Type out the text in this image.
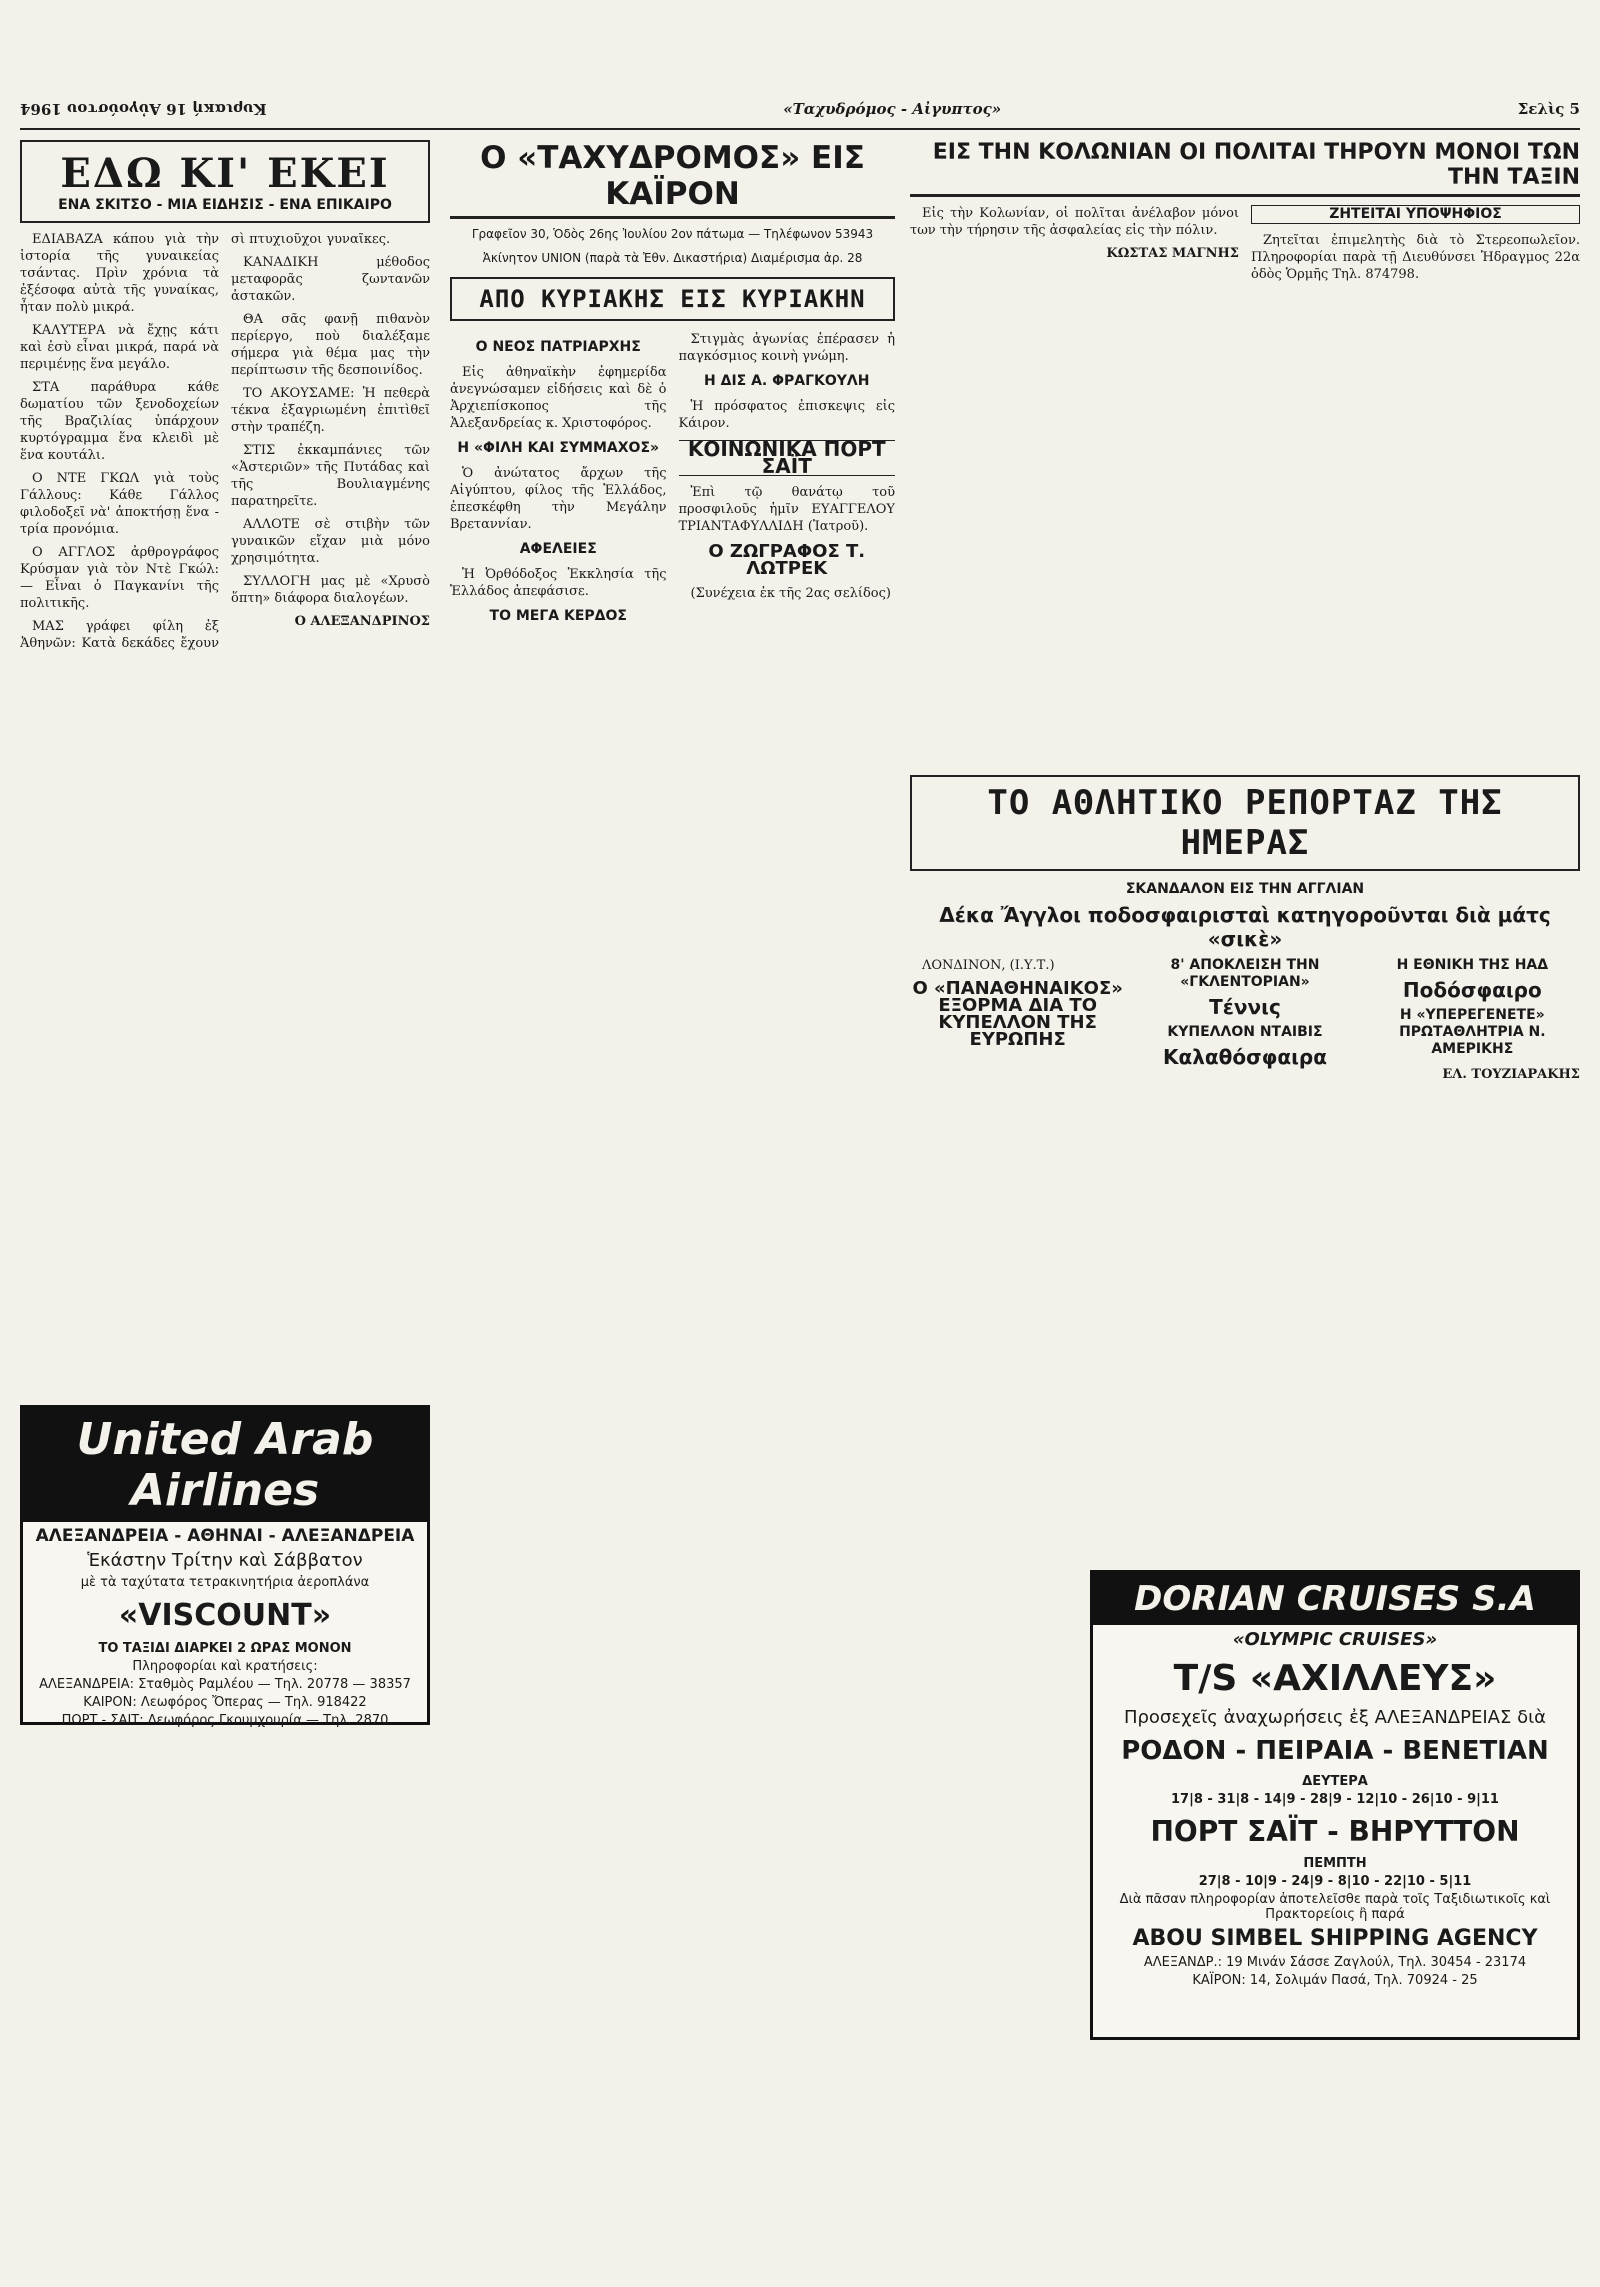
Κυριακή 16 Αὐγούστου 1964	«Ταχυδρόμος - Αἰγυπτος»	Σελὶς 5
ΕΔΩ ΚΙ' ΕΚΕΙ
ΕΝΑ ΣΚΙΤΣΟ - ΜΙΑ ΕΙΔΗΣΙΣ - ΕΝΑ ΕΠΙΚΑΙΡΟ

ΕΔΙΑΒΑΖΑ κάπου γιὰ τὴν ἱστορία τῆς γυναικείας τσάντας. Πρὶν χρόνια τὰ ἐξέσοφα αὐτὰ τῆς γυναίκας, ἦταν πολὺ μικρά.

ΚΑΛΥΤΕΡΑ νὰ ἔχῃς κάτι καὶ ἐσὺ εἶναι μικρά, παρά νὰ περιμένῃς ἕνα μεγάλο.

ΣΤΑ παράθυρα κάθε δωματίου τῶν ξενοδοχείων τῆς Βραζιλίας ὑπάρχουν κυρτόγραμμα ἕνα κλειδὶ μὲ ἕνα κουτάλι.

Ο ΝΤΕ ΓΚΩΛ γιὰ τοὺς Γάλλους: Κάθε Γάλλος φιλοδοξεῖ νὰ' ἀποκτήσῃ ἕνα - τρία προνόμια.

Ο ΑΓΓΛΟΣ ἀρθρογράφος Κρύσμαν γιὰ τὸν Ντὲ Γκώλ: — Εἶναι ὁ Παγκανίνι τῆς πολιτικῆς.

ΜΑΣ γράφει φίλη ἐξ Ἀθηνῶν: Κατὰ δεκάδες ἔχουν σὶ πτυχιοῦχοι γυναῖκες.

ΚΑΝΑΔΙΚΗ μέθοδος μεταφορᾶς ζωντανῶν ἀστακῶν.

ΘΑ σᾶς φανῇ πιθανὸν περίεργο, ποὺ διαλέξαμε σήμερα γιὰ θέμα μας τὴν περίπτωσιν τῆς δεσποινίδος.

ΤΟ ΑΚΟΥΣΑΜΕ: Ἡ πεθερὰ τέκνα ἐξαγριωμένη ἐπιτὶθεῖ στὴν τραπέζη.

ΣΤΙΣ ἐκκαμπάνιες τῶν «Ἀστεριῶν» τῆς Πυτάδας καὶ τῆς Βουλιαγμένης παρατηρεῖτε.

ΑΛΛΟΤΕ σὲ στιβὴν τῶν γυναικῶν εἴχαν μιὰ μόνο χρησιμότητα.

ΣΥΛΛΟΓΗ μας μὲ «Χρυσὸ ὅπτη» διάφορα διαλογέων.

Ο ΑΛΕΞΑΝΔΡΙΝΟΣ

United Arab Airlines
ΑΛΕΞΑΝΔΡΕΙΑ - ΑΘΗΝΑΙ - ΑΛΕΞΑΝΔΡΕΙΑ
Ἑκάστην Τρίτην καὶ Σάββατον
μὲ τὰ ταχύτατα τετρακινητήρια ἀεροπλάνα
«VISCOUNT»
ΤΟ ΤΑΞΙΔΙ ΔΙΑΡΚΕΙ 2 ΩΡΑΣ ΜΟΝΟΝ
Πληροφορίαι καὶ κρατήσεις:
ΑΛΕΞΑΝΔΡΕΙΑ: Σταθμὸς Ραμλέου — Τηλ. 20778 — 38357
ΚΑΙΡΟΝ: Λεωφόρος Ὄπερας — Τηλ. 918422
ΠΟΡΤ - ΣΑΙΤ: Λεωφόρος Γκουμχουρία — Τηλ. 2870
Ο «ΤΑΧΥΔΡΟΜΟΣ» ΕΙΣ ΚΑΪΡΟΝ
Γραφεῖον 30, Ὁδὸς 26ης Ἰουλίου 2ον πάτωμα — Τηλέφωνον 53943
Ἀκίνητον UNION (παρὰ τὰ Ἐθν. Δικαστήρια) Διαμέρισμα ἀρ. 28
ΑΠΟ ΚΥΡΙΑΚΗΣ ΕΙΣ ΚΥΡΙΑΚΗΝ
Ο ΝΕΟΣ ΠΑΤΡΙΑΡΧΗΣ

Εἰς ἀθηναϊκὴν ἐφημερίδα ἀνεγνώσαμεν εἰδήσεις καὶ δὲ ὁ Ἀρχιεπίσκοπος τῆς Ἀλεξανδρείας κ. Χριστοφόρος.

Η «ΦΙΛΗ ΚΑΙ ΣΥΜΜΑΧΟΣ»

Ὁ ἀνώτατος ἄρχων τῆς Αἰγύπτου, φίλος τῆς Ἑλλάδος, ἐπεσκέφθη τὴν Μεγάλην Βρεταννίαν.

ΑΦΕΛΕΙΕΣ

Ἡ Ὀρθόδοξος Ἐκκλησία τῆς Ἑλλάδος ἀπεφάσισε.

ΤΟ ΜΕΓΑ ΚΕΡΔΟΣ

Στιγμὰς ἀγωνίας ἐπέρασεν ἡ παγκόσμιος κοινὴ γνώμη.

Η ΔΙΣ Α. ΦΡΑΓΚΟΥΛΗ

Ἡ πρόσφατος ἐπισκεψις εἰς Κάιρον.

ΚΟΙΝΩΝΙΚΑ ΠΟΡΤ ΣΑΪΤ

Ἐπὶ τῷ θανάτῳ τοῦ προσφιλοῦς ἡμῖν ΕΥΑΓΓΕΛΟΥ ΤΡΙΑΝΤΑΦΥΛΛΙΔΗ (Ἰατροῦ).

Ο ΖΩΓΡΑΦΟΣ Τ. ΛΩΤΡΕΚ

(Συνέχεια ἐκ τῆς 2ας σελίδος)

ΕΙΣ ΤΗΝ ΚΟΛΩΝΙΑΝ ΟΙ ΠΟΛΙΤΑΙ ΤΗΡΟΥΝ ΜΟΝΟΙ ΤΩΝ ΤΗΝ ΤΑΞΙΝ

Εἰς τὴν Κολωνίαν, οἱ πολῖται ἀνέλαβον μόνοι των τὴν τήρησιν τῆς ἀσφαλείας εἰς τὴν πόλιν.

ΚΩΣΤΑΣ ΜΑΓΝΗΣ

ΖΗΤΕΙΤΑΙ ΥΠΟΨΗΦΙΟΣ

Ζητεῖται ἐπιμελητὴς διὰ τὸ Στερεοπωλεῖον. Πληροφορίαι παρὰ τῇ Διευθύνσει Ἡδραγμος 22α ὁδὸς Ὁρμῆς Τηλ. 874798.

ΤΟ ΑΘΛΗΤΙΚΟ ΡΕΠΟΡΤΑΖ ΤΗΣ ΗΜΕΡΑΣ
ΣΚΑΝΔΑΛΟΝ ΕΙΣ ΤΗΝ ΑΓΓΛΙΑΝ
Δέκα Ἄγγλοι ποδοσφαιρισταὶ κατηγοροῦνται διὰ μάτς «σικὲ»

ΛΟΝΔΙΝΟΝ, (Ι.Υ.Τ.)

Ο «ΠΑΝΑΘΗΝΑΙΚΟΣ» ΕΞΟΡΜΑ ΔΙΑ ΤΟ ΚΥΠΕΛΛΟΝ ΤΗΣ ΕΥΡΩΠΗΣ
8' ΑΠΟΚΛΕΙΣΗ ΤΗΝ «ΓΚΛΕΝΤΟΡΙΑΝ»
Τέννις
ΚΥΠΕΛΛΟΝ ΝΤΑΙΒΙΣ
Καλαθόσφαιρα
Η ΕΘΝΙΚΗ ΤΗΣ ΗΑΔ
Ποδόσφαιρο
Η «ΥΠΕΡΕΓΕΝΕΤΕ» ΠΡΩΤΑΘΛΗΤΡΙΑ Ν. ΑΜΕΡΙΚΗΣ

ΕΛ. ΤΟΥΖΙΑΡΑΚΗΣ

DORIAN CRUISES S.A
«OLYMPIC CRUISES»
T/S «ΑΧΙΛΛΕΥΣ»
Προσεχεῖς ἀναχωρήσεις ἐξ ΑΛΕΞΑΝΔΡΕΙΑΣ διὰ
ΡΟΔΟΝ - ΠΕΙΡΑΙΑ - ΒΕΝΕΤΙΑΝ
ΔΕΥΤΕΡΑ
17|8 - 31|8 - 14|9 - 28|9 - 12|10 - 26|10 - 9|11
ΠΟΡΤ ΣΑΪΤ - ΒΗΡΥΤΤΟΝ
ΠΕΜΠΤΗ
27|8 - 10|9 - 24|9 - 8|10 - 22|10 - 5|11
Διὰ πᾶσαν πληροφορίαν ἀποτελεῖσθε παρὰ τοῖς Ταξιδιωτικοῖς καὶ Πρακτορείοις ἢ παρά
ABOU SIMBEL SHIPPING AGENCY
ΑΛΕΞΑΝΔΡ.: 19 Μινάν Σάσσε Ζαγλούλ, Τηλ. 30454 - 23174
ΚΑΪΡΟΝ: 14, Σολιμάν Πασά, Τηλ. 70924 - 25
